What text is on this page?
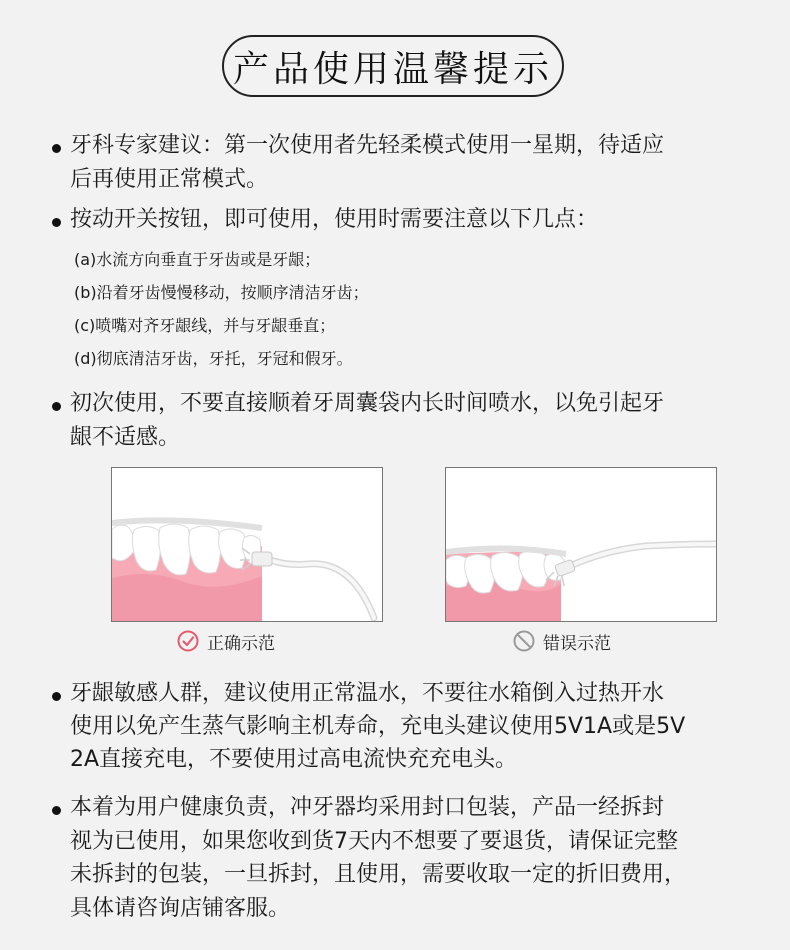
产品使用温馨提示
牙科专家建议：第一次使用者先轻柔模式使用一星期，待适应
后再使用正常模式。
按动开关按钮，即可使用，使用时需要注意以下几点：
(a)水流方向垂直于牙齿或是牙龈；
(b)沿着牙齿慢慢移动，按顺序清洁牙齿；
(c)喷嘴对齐牙龈线，并与牙龈垂直；
(d)彻底清洁牙齿，牙托，牙冠和假牙。
初次使用，不要直接顺着牙周囊袋内长时间喷水，以免引起牙
龈不适感。
正确示范	错误示范
牙龈敏感人群，建议使用正常温水，不要往水箱倒入过热开水
使用以免产生蒸气影响主机寿命，充电头建议使用5V1A或是5V
2A直接充电，不要使用过高电流快充充电头。
本着为用户健康负责，冲牙器均采用封口包装，产品一经拆封
视为已使用，如果您收到货7天内不想要了要退货，请保证完整
未拆封的包装，一旦拆封，且使用，需要收取一定的折旧费用，
具体请咨询店铺客服。
